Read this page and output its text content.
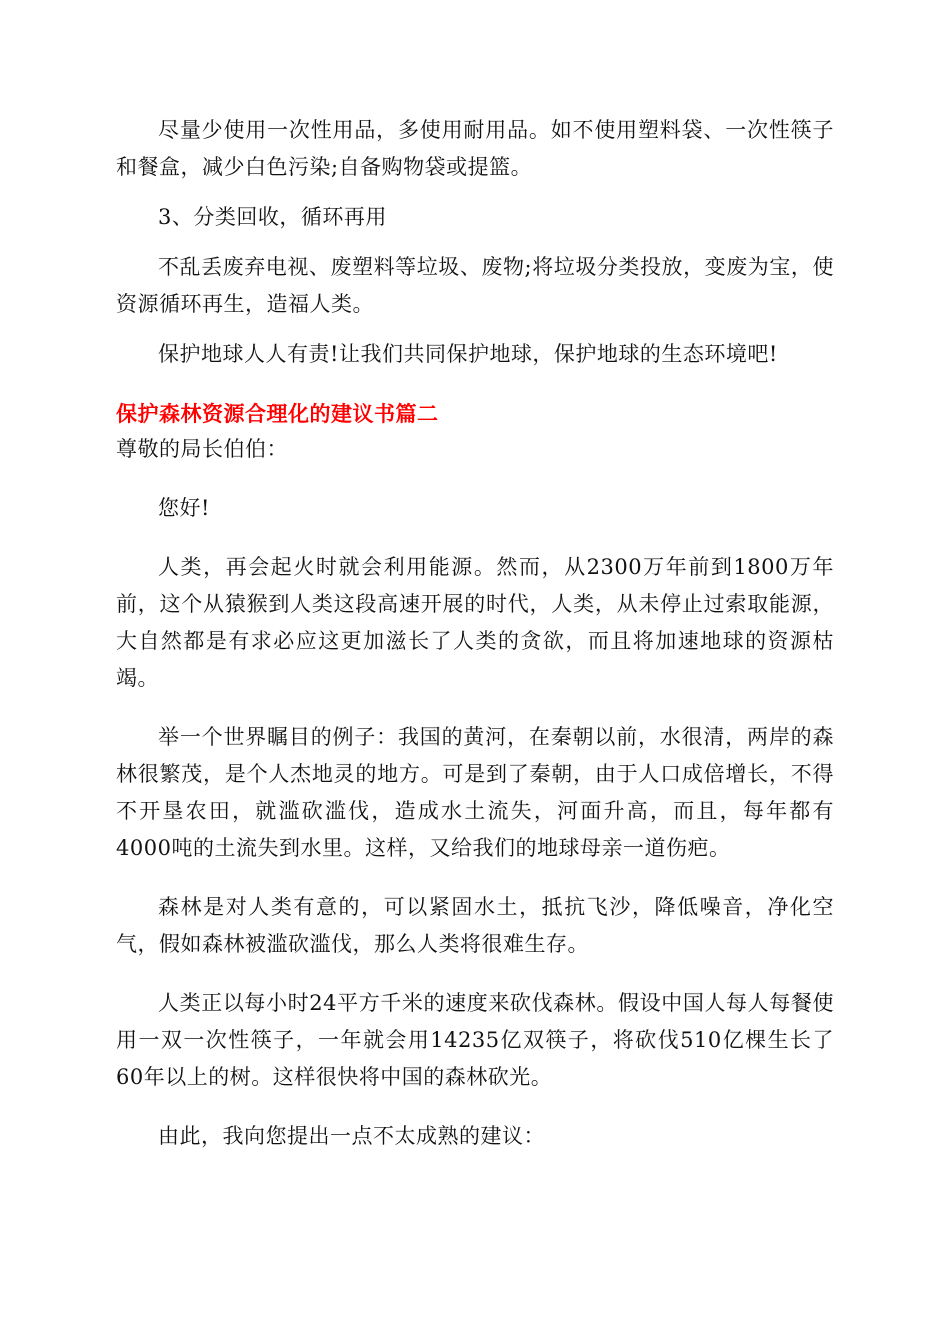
尽量少使用一次性用品，多使用耐用品。如不使用塑料袋、一次性筷子和餐盒，减少白色污染;自备购物袋或提篮。

3、分类回收，循环再用

不乱丢废弃电视、废塑料等垃圾、废物;将垃圾分类投放，变废为宝，使资源循环再生，造福人类。

保护地球人人有责!让我们共同保护地球，保护地球的生态环境吧!

保护森林资源合理化的建议书篇二

尊敬的局长伯伯：

您好!

人类，再会起火时就会利用能源。然而，从2300万年前到1800万年前，这个从猿猴到人类这段高速开展的时代，人类，从未停止过索取能源，大自然都是有求必应这更加滋长了人类的贪欲，而且将加速地球的资源枯竭。

举一个世界瞩目的例子：我国的黄河，在秦朝以前，水很清，两岸的森林很繁茂，是个人杰地灵的地方。可是到了秦朝，由于人口成倍增长，不得不开垦农田，就滥砍滥伐，造成水土流失，河面升高，而且，每年都有4000吨的土流失到水里。这样，又给我们的地球母亲一道伤疤。

森林是对人类有意的，可以紧固水土，抵抗飞沙，降低噪音，净化空气，假如森林被滥砍滥伐，那么人类将很难生存。

人类正以每小时24平方千米的速度来砍伐森林。假设中国人每人每餐使用一双一次性筷子，一年就会用14235亿双筷子，将砍伐510亿棵生长了60年以上的树。这样很快将中国的森林砍光。

由此，我向您提出一点不太成熟的建议：
